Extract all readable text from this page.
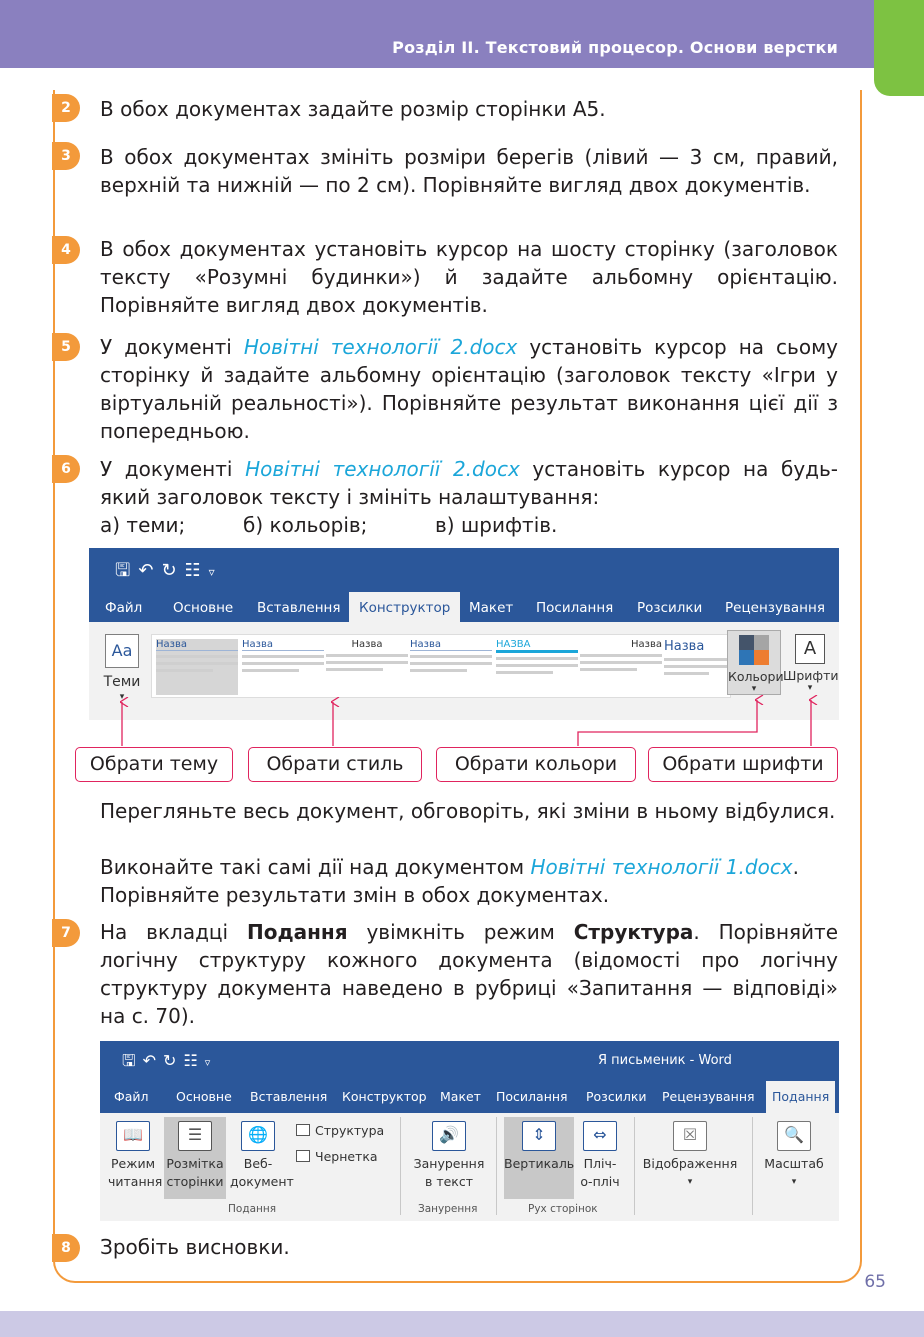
Розділ ІІ. Текстовий процесор. Основи верстки
65
2	В обох документах задайте розмір сторінки А5.
3	В обох документах змініть розміри берегів (лівий — 3 см, правий, верхній та нижній — по 2 см). Порівняйте вигляд двох документів.
4	В обох документах установіть курсор на шосту сторінку (заголовок тексту «Розумні будинки») й задайте альбомну орієнтацію. Порівняйте вигляд двох документів.
5	У документі Новітні технології 2.docx установіть курсор на сьому сторінку й задайте альбомну орієнтацію (заголовок тексту «Ігри у віртуальній реальності»). Порівняйте результат виконання цієї дії з попередньою.
6	У документі Новітні технології 2.docx установіть курсор на будь-який заголовок тексту і змініть налаштування:
а) теми;	б) кольорів;	в) шрифтів.
🖫↶↻☷▿
Файл Основне Вставлення	Конструктор	Макет Посилання Розсилки Рецензування
Aa
Теми
▾
Назва	Назва	Назва	Назва	НАЗВА	Назва Назва
Кольори
▾
A
Шрифти
▾
Обрати тему	Обрати стиль	Обрати кольори	Обрати шрифти
Перегляньте весь документ, обговоріть, які зміни в ньому відбулися.
Виконайте такі самі дії над документом Новітні технології 1.docx.
Порівняйте результати змін в обох документах.
7	На вкладці Подання увімкніть режим Структура. Порівняйте логічну структуру кожного документа (відомості про логічну структуру документа наведено в рубриці «Запитання — відповіді» на с. 70).
🖫↶↻☷▿	Я письменик - Word
Файл Основне Вставлення Конструктор Макет Посилання Розсилки Рецензування	Подання
📖
Режим
читання
☰
Розмітка
сторінки
🌐
Веб-
документ
Структура
Чернетка
🔊
Занурення
в текст
⇕
Вертикаль
⇔
Пліч-
о-пліч
☒
Відображення
▾
🔍
Масштаб
▾
Подання	Занурення	Рух сторінок
8	Зробіть висновки.
